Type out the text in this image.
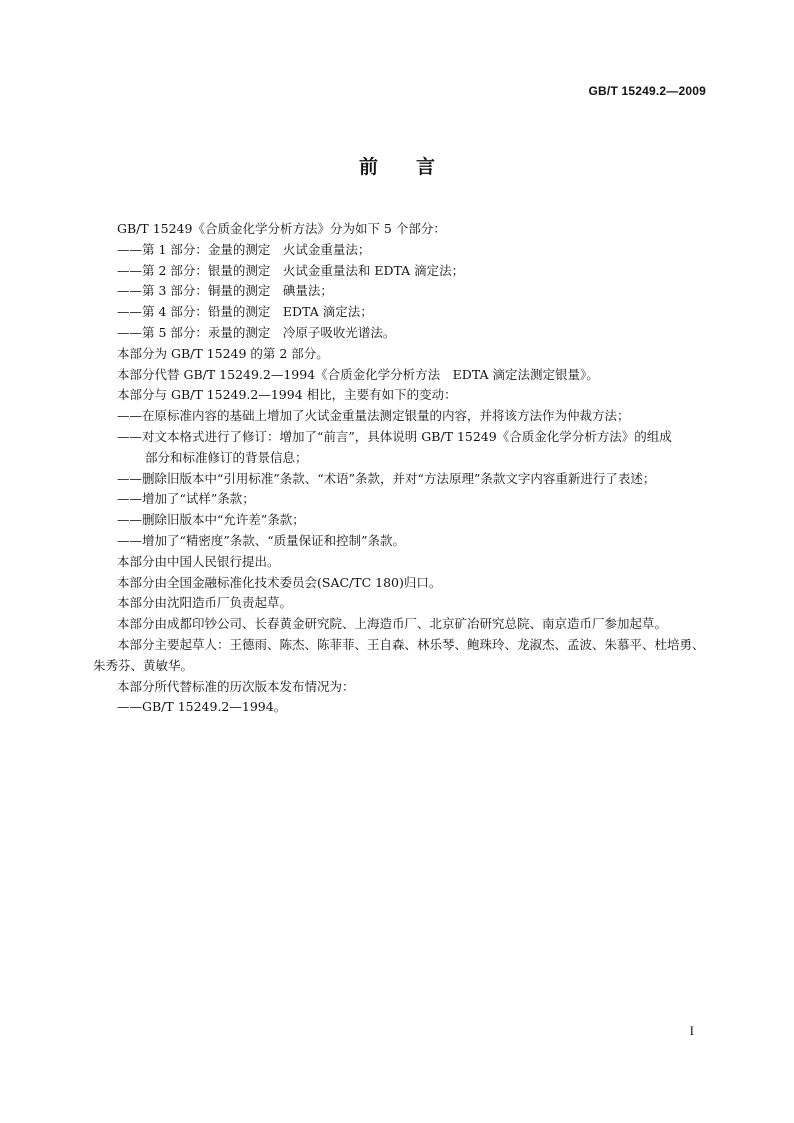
GB/T 15249.2—2009
前 言
GB/T 15249《合质金化学分析方法》分为如下 5 个部分：
——第 1 部分：金量的测定　火试金重量法；
——第 2 部分：银量的测定　火试金重量法和 EDTA 滴定法；
——第 3 部分：铜量的测定　碘量法；
——第 4 部分：铅量的测定　EDTA 滴定法；
——第 5 部分：汞量的测定　冷原子吸收光谱法。
本部分为 GB/T 15249 的第 2 部分。
本部分代替 GB/T 15249.2—1994《合质金化学分析方法　EDTA 滴定法测定银量》。
本部分与 GB/T 15249.2—1994 相比，主要有如下的变动：
——在原标准内容的基础上增加了火试金重量法测定银量的内容，并将该方法作为仲裁方法；
——对文本格式进行了修订：增加了“前言”，具体说明 GB/T 15249《合质金化学分析方法》的组成
部分和标准修订的背景信息；
——删除旧版本中“引用标准”条款、“术语”条款，并对“方法原理”条款文字内容重新进行了表述；
——增加了“试样”条款；
——删除旧版本中“允许差”条款；
——增加了“精密度”条款、“质量保证和控制”条款。
本部分由中国人民银行提出。
本部分由全国金融标准化技术委员会(SAC/TC 180)归口。
本部分由沈阳造币厂负责起草。
本部分由成都印钞公司、长春黄金研究院、上海造币厂、北京矿冶研究总院、南京造币厂参加起草。
本部分主要起草人：王德雨、陈杰、陈菲菲、王自森、林乐琴、鲍珠玲、龙淑杰、孟波、朱慕平、杜培勇、
朱秀芬、黄敏华。
本部分所代替标准的历次版本发布情况为：
——GB/T 15249.2—1994。
I
